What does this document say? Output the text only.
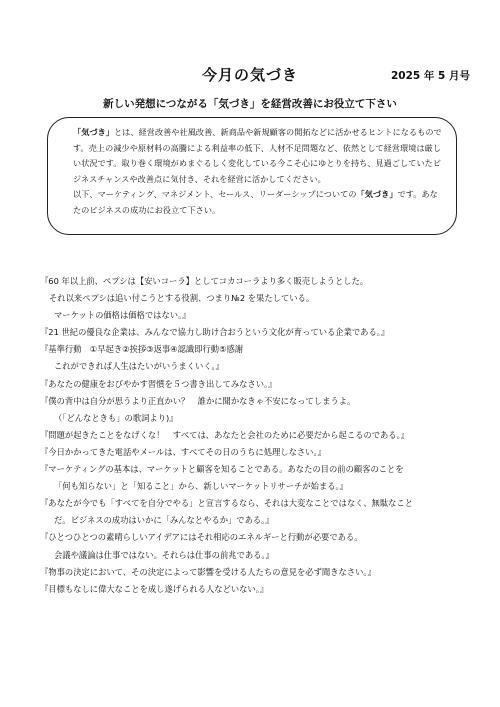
今月の気づき	2025 年 5 月号
新しい発想につながる「気づき」を経営改善にお役立て下さい

「気づき」とは、経営改善や社風改善、新商品や新規顧客の開拓などに活かせるヒントになるものです。売上の減少や原材料の高騰による利益率の低下、人材不足問題など、依然として経営環境は厳しい状況です。取り巻く環境がめまぐるしく変化している今こそ心にゆとりを持ち、見過ごしていたビジネスチャンスや改善点に気付き、それを経営に活かしてください。

以下、マーケティング、マネジメント、セールス、リーダーシップについての「気づき」です。あなたのビジネスの成功にお役立て下さい。

『60 年以上前、ペプシは【安いコーラ】としてコカコーラより多く販売しようとした。
それ以来ペプシは追い付こうとする役割、つまり№2 を果たしている。
マーケットの価格は価格ではない。』
『21 世紀の優良な企業は、みんなで協力し助け合おうという文化が育っている企業である。』
『基準行動　①早起き②挨拶③返事④認識即行動⑤感謝
これができれば人生はたいがいうまくいく。』
『あなたの健康をおびやかす習慣を５つ書き出してみなさい。』
『僕の背中は自分が思うより正直かい？　誰かに聞かなきゃ不安になってしまうよ。
（「どんなときも」の歌詞より)』
『問題が起きたことをなげくな！　すべては、あなたと会社のために必要だから起こるのである。』
『今日かかってきた電話やメールは、すべてその日のうちに処理しなさい。』
『マーケティングの基本は、マーケットと顧客を知ることである。あなたの目の前の顧客のことを
「何も知らない」と「知ること」から、新しいマーケットリサーチが始まる。』
『あなたが今でも「すべてを自分でやる」と宣言するなら、それは大変なことではなく、無駄なこと
だ。ビジネスの成功はいかに「みんなとやるか」である。』
『ひとつひとつの素晴らしいアイデアにはそれ相応のエネルギーと行動が必要である。
会議や議論は仕事ではない。それらは仕事の前兆である。』
『物事の決定において、その決定によって影響を受ける人たちの意見を必ず聞きなさい。』
『目標もなしに偉大なことを成し遂げられる人などいない。』
